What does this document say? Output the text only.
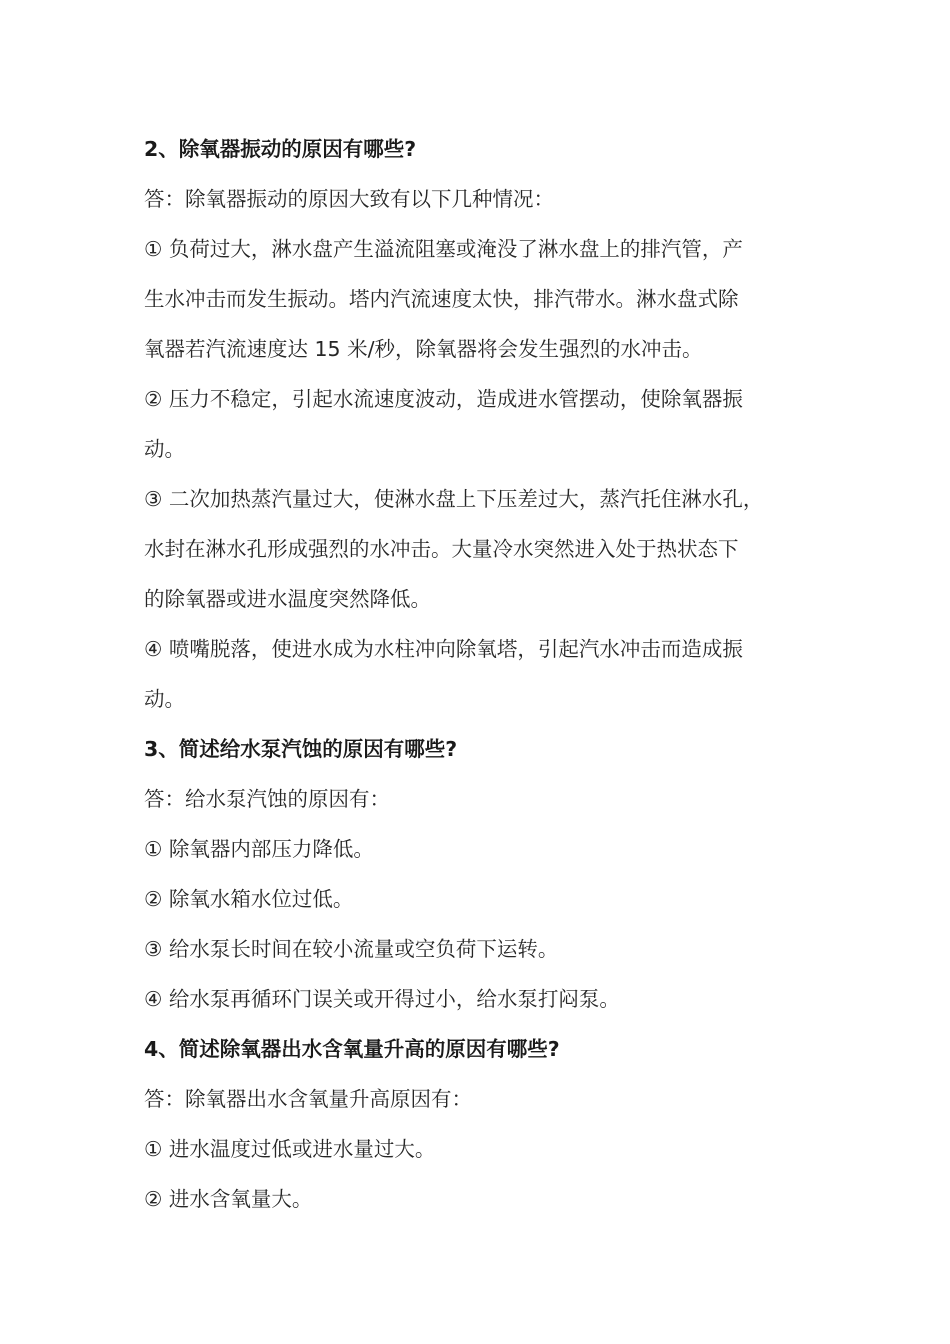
2、除氧器振动的原因有哪些?
答：除氧器振动的原因大致有以下几种情况：
① 负荷过大，淋水盘产生溢流阻塞或淹没了淋水盘上的排汽管，产
生水冲击而发生振动。塔内汽流速度太快，排汽带水。淋水盘式除
氧器若汽流速度达 15 米/秒，除氧器将会发生强烈的水冲击。
② 压力不稳定，引起水流速度波动，造成进水管摆动，使除氧器振
动。
③ 二次加热蒸汽量过大，使淋水盘上下压差过大，蒸汽托住淋水孔，
水封在淋水孔形成强烈的水冲击。大量冷水突然进入处于热状态下
的除氧器或进水温度突然降低。
④ 喷嘴脱落，使进水成为水柱冲向除氧塔，引起汽水冲击而造成振
动。
3、简述给水泵汽蚀的原因有哪些?
答：给水泵汽蚀的原因有：
① 除氧器内部压力降低。
② 除氧水箱水位过低。
③ 给水泵长时间在较小流量或空负荷下运转。
④ 给水泵再循环门误关或开得过小，给水泵打闷泵。
4、简述除氧器出水含氧量升高的原因有哪些?
答：除氧器出水含氧量升高原因有：
① 进水温度过低或进水量过大。
② 进水含氧量大。
